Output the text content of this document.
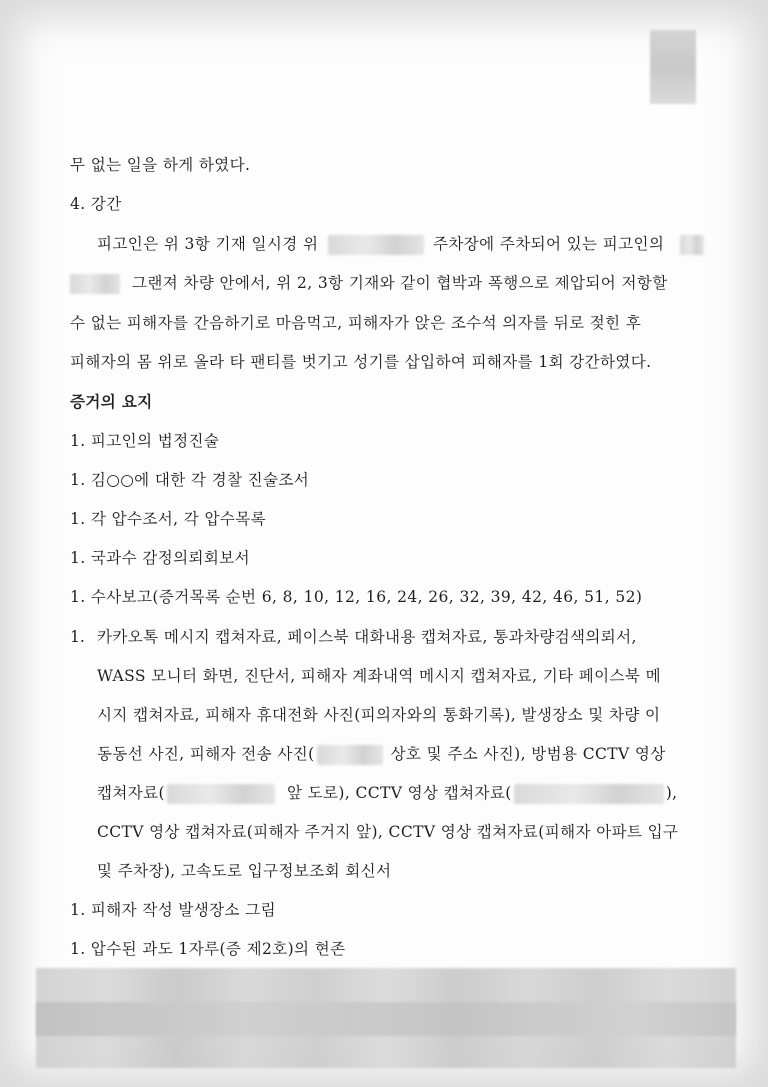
무 없는 일을 하게 하였다.
4. 강간
피고인은 위 3항 기재 일시경 위	주차장에 주차되어 있는 피고인의
그랜져 차량 안에서, 위 2, 3항 기재와 같이 협박과 폭행으로 제압되어 저항할
수 없는 피해자를 간음하기로 마음먹고, 피해자가 앉은 조수석 의자를 뒤로 젖힌 후
피해자의 몸 위로 올라 타 팬티를 벗기고 성기를 삽입하여 피해자를 1회 강간하였다.
증거의 요지
1. 피고인의 법정진술
1. 김○○에 대한 각 경찰 진술조서
1. 각 압수조서, 각 압수목록
1. 국과수 감정의뢰회보서
1. 수사보고(증거목록 순번 6, 8, 10, 12, 16, 24, 26, 32, 39, 42, 46, 51, 52)
1. 카카오톡 메시지 캡쳐자료, 페이스북 대화내용 캡쳐자료, 통과차량검색의뢰서,
WASS 모니터 화면, 진단서, 피해자 계좌내역 메시지 캡쳐자료, 기타 페이스북 메
시지 캡쳐자료, 피해자 휴대전화 사진(피의자와의 통화기록), 발생장소 및 차량 이
동동선 사진, 피해자 전송 사진(	상호 및 주소 사진), 방범용 CCTV 영상
캡쳐자료(	앞 도로), CCTV 영상 캡쳐자료(	),
CCTV 영상 캡쳐자료(피해자 주거지 앞), CCTV 영상 캡쳐자료(피해자 아파트 입구
및 주차장), 고속도로 입구정보조회 회신서
1. 피해자 작성 발생장소 그림
1. 압수된 과도 1자루(증 제2호)의 현존
